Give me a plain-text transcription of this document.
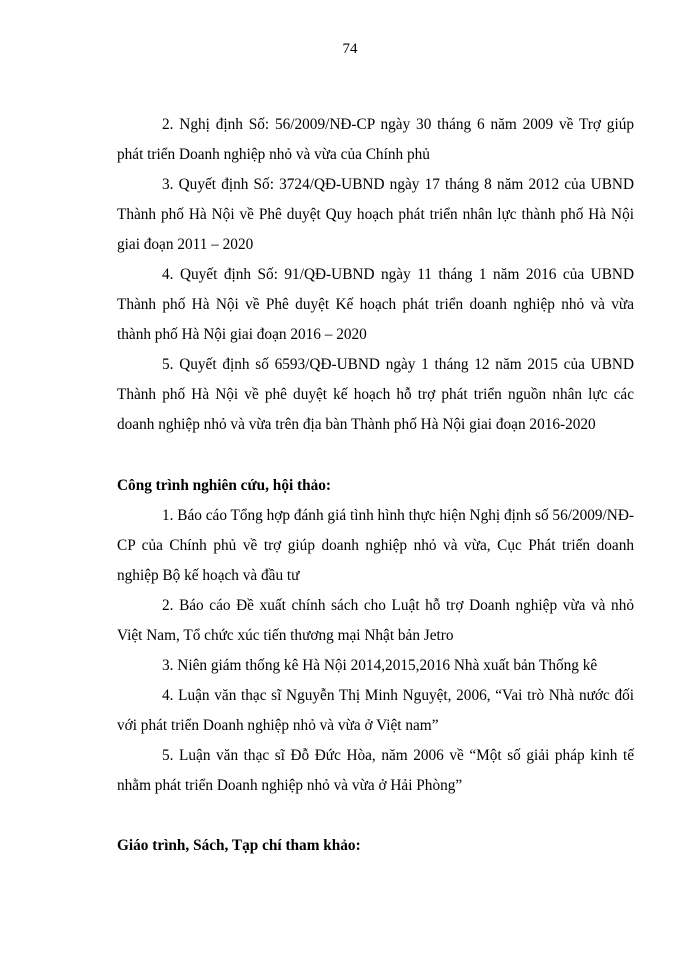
74

2. Nghị định Số: 56/2009/NĐ-CP ngày 30 tháng 6 năm 2009 về Trợ giúp phát triển Doanh nghiệp nhỏ và vừa của Chính phủ

3. Quyết định Số: 3724/QĐ-UBND ngày 17 tháng 8 năm 2012 của UBND Thành phố Hà Nội về Phê duyệt Quy hoạch phát triển nhân lực thành phố Hà Nội giai đoạn 2011 – 2020

4. Quyết định Số: 91/QĐ-UBND ngày 11 tháng 1 năm 2016 của UBND Thành phố Hà Nội về Phê duyệt Kế hoạch phát triển doanh nghiệp nhỏ và vừa thành phố Hà Nội giai đoạn 2016 – 2020

5. Quyết định số 6593/QĐ-UBND ngày 1 tháng 12 năm 2015 của UBND Thành phố Hà Nội về phê duyệt kế hoạch hỗ trợ phát triển nguồn nhân lực các doanh nghiệp nhỏ và vừa trên địa bàn Thành phố Hà Nội giai đoạn 2016-2020

Công trình nghiên cứu, hội thảo:

1. Báo cáo Tổng hợp đánh giá tình hình thực hiện Nghị định số 56/2009/NĐ-CP của Chính phủ về trợ giúp doanh nghiệp nhỏ và vừa, Cục Phát triển doanh nghiệp Bộ kế hoạch và đầu tư

2. Báo cáo Đề xuất chính sách cho Luật hỗ trợ Doanh nghiệp vừa và nhỏ Việt Nam, Tổ chức xúc tiến thương mại Nhật bản Jetro

3. Niên giám thống kê Hà Nội 2014,2015,2016 Nhà xuất bản Thống kê

4. Luận văn thạc sĩ Nguyễn Thị Minh Nguyệt, 2006, “Vai trò Nhà nước đối với phát triển Doanh nghiệp nhỏ và vừa ở Việt nam”

5. Luận văn thạc sĩ Đỗ Đức Hòa, năm 2006 về “Một số giải pháp kinh tế nhằm phát triển Doanh nghiệp nhỏ và vừa ở Hải Phòng”

Giáo trình, Sách, Tạp chí tham khảo:
